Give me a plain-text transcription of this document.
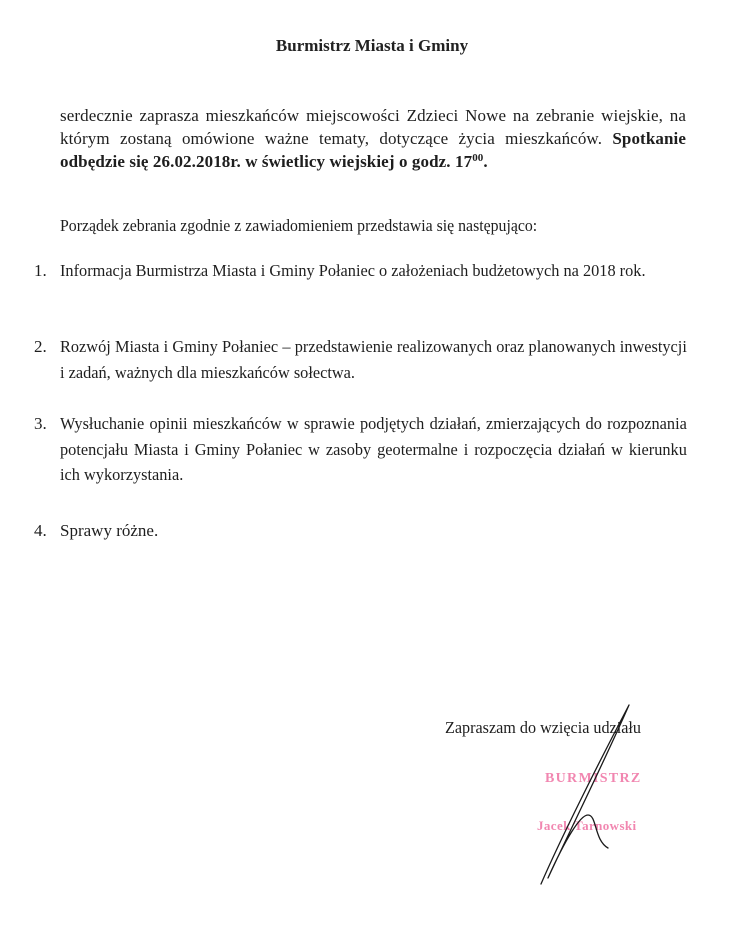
Burmistrz Miasta i Gminy
serdecznie zaprasza mieszkańców miejscowości Zdzieci Nowe na zebranie wiejskie, na którym zostaną omówione ważne tematy, dotyczące życia mieszkańców. Spotkanie odbędzie się 26.02.2018r. w świetlicy wiejskiej o godz. $17^{00}$.
Porządek zebrania zgodnie z zawiadomieniem przedstawia się następująco:
1. Informacja Burmistrza Miasta i Gminy Połaniec o założeniach budżetowych na 2018 rok.
2. Rozwój Miasta i Gminy Połaniec – przedstawienie realizowanych oraz planowanych inwestycji i zadań, ważnych dla mieszkańców sołectwa.
3. Wysłuchanie opinii mieszkańców w sprawie podjętych działań, zmierzających do rozpoznania potencjału Miasta i Gminy Połaniec w zasoby geotermalne i rozpoczęcia działań w kierunku ich wykorzystania.
4. Sprawy różne.
Zapraszam do wzięcia udziału
BURMISTRZ
Jacek Tarnowski
